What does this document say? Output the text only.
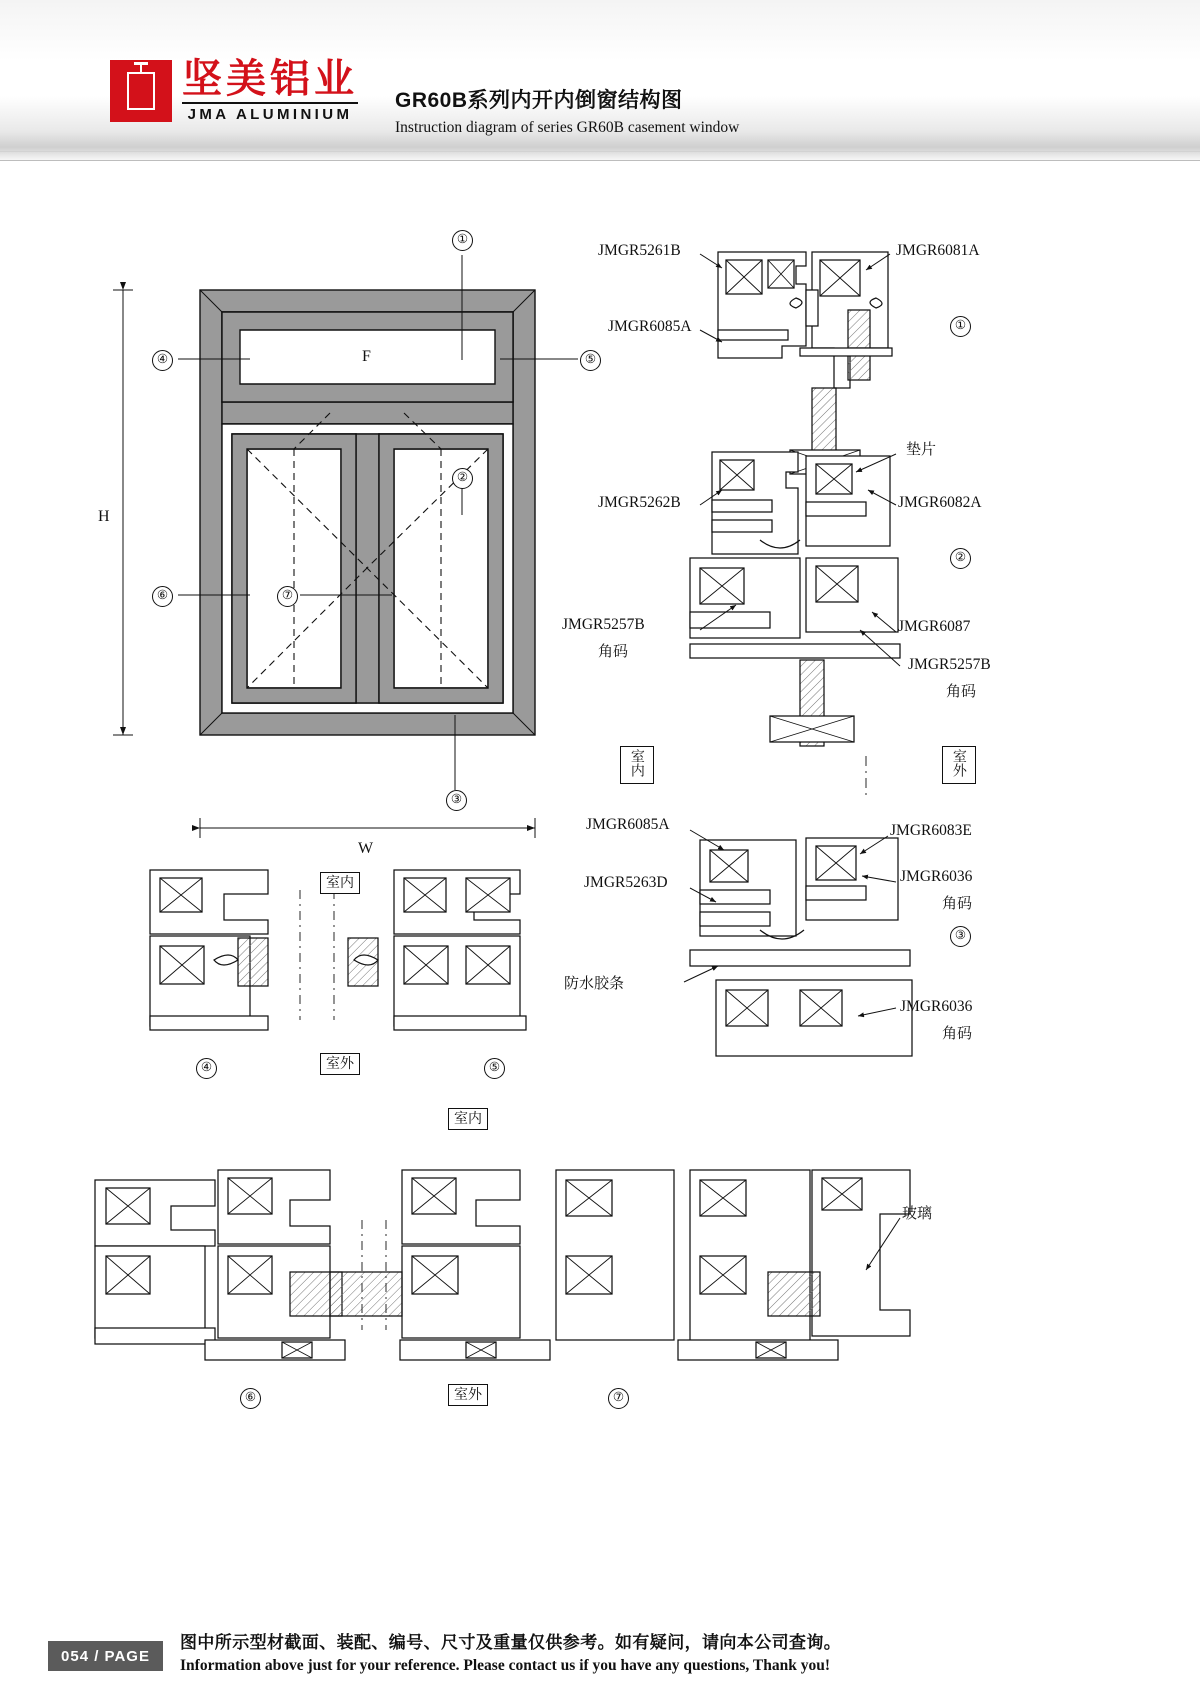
坚美铝业
JMA ALUMINIUM
GR60B系列内开内倒窗结构图
Instruction diagram of series GR60B casement window
①
④	⑤
②
⑥	⑦
③
F
H
W
JMGR5261B	JMGR6081A
JMGR6085A	①
垫片
JMGR5262B	JMGR6082A
②
JMGR5257B
角码
JMGR6087
JMGR5257B
角码
室内	室外
JMGR6085A	JMGR6083E
JMGR5263D	JMGR6036
角码
③
防水胶条
JMGR6036
角码
室内
室外
④	⑤
室内
室外
⑥	⑦
玻璃
054 / PAGE
图中所示型材截面、装配、编号、尺寸及重量仅供参考。如有疑问，请向本公司查询。
Information above just for your reference. Please contact us if you have any questions, Thank you!
